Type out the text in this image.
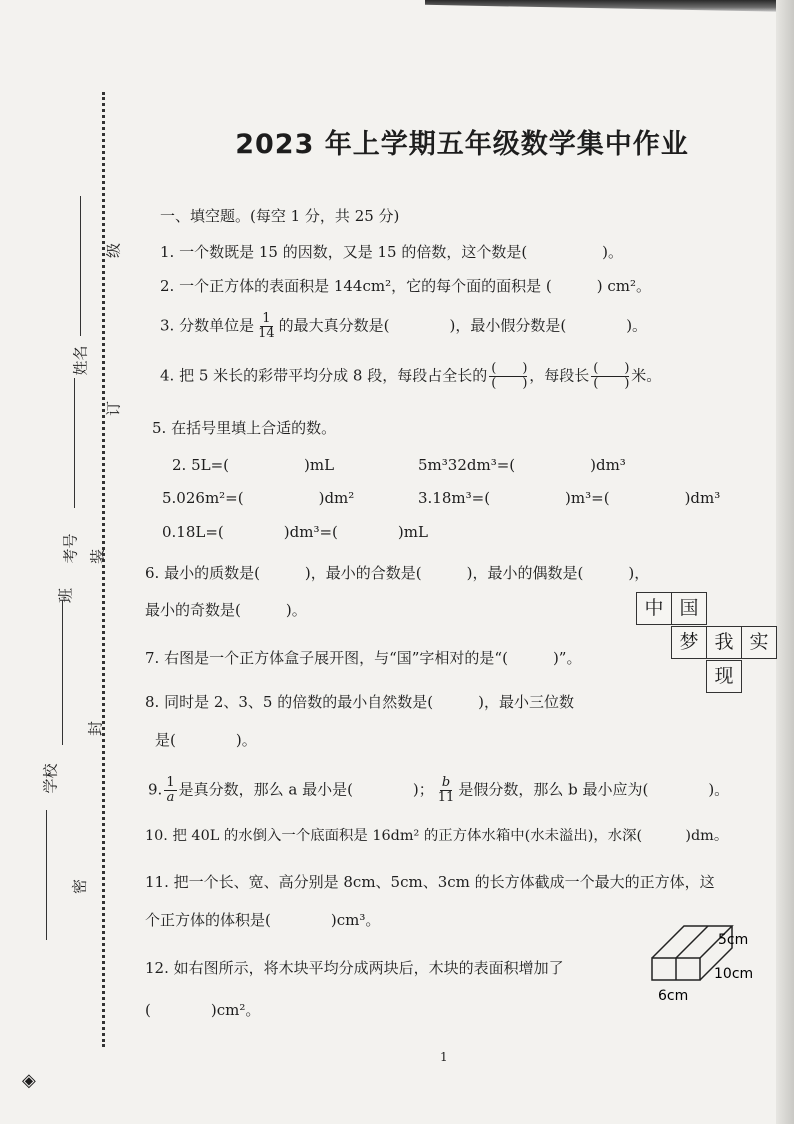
级
订
装
封
密
姓名
考号
班
学校
2023 年上学期五年级数学集中作业
一、填空题。(每空 1 分，共 25 分)
1. 一个数既是 15 的因数，又是 15 的倍数，这个数是(　　　　　)。
2. 一个正方体的表面积是 144cm²，它的每个面的面积是 (　　　) cm²。
3. 分数单位是 $\frac{1}{14}$ 的最大真分数是(　　　　)，最小假分数是(　　　　)。
4. 把 5 米长的彩带平均分成 8 段，每段占全长的 $\frac{( )}{( )}$ ，每段长 $\frac{( )}{( )}$ 米。
5. 在括号里填上合适的数。
2. 5L=(　　　　　)mL	5m³32dm³=(　　　　　)dm³
5.026m²=(　　　　　)dm²	3.18m³=(　　　　　)m³=(　　　　　)dm³
0.18L=(　　　　)dm³=(　　　　)mL
6. 最小的质数是(　　　)，最小的合数是(　　　)，最小的偶数是(　　　)，
最小的奇数是(　　　)。
7. 右图是一个正方体盒子展开图，与“国”字相对的是“(　　　)”。
中 国
梦 我 实
现
8. 同时是 2、3、5 的倍数的最小自然数是(　　　)，最小三位数
是(　　　　)。
9. $\frac{1}{a}$ 是真分数，那么 a 最小是(　　　　)； $\frac{b}{11}$ 是假分数，那么 b 最小应为(　　　　)。
10. 把 40L 的水倒入一个底面积是 16dm² 的正方体水箱中(水未溢出)，水深(　　　)dm。
11. 把一个长、宽、高分别是 8cm、5cm、3cm 的长方体截成一个最大的正方体，这
个正方体的体积是(　　　　)cm³。
12. 如右图所示，将木块平均分成两块后，木块的表面积增加了
(　　　　)cm²。
5cm
10cm
6cm
1
◈
